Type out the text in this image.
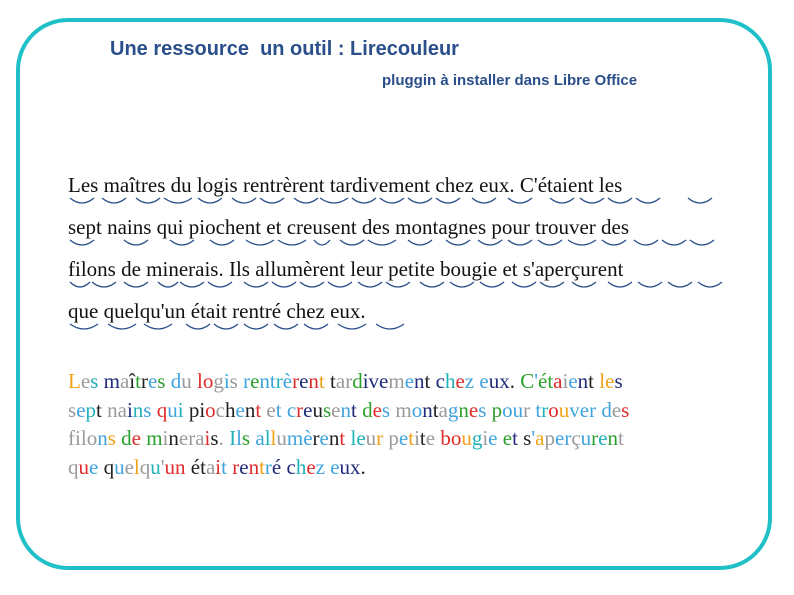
Une ressource  un outil : Lirecouleur
pluggin à installer dans Libre Office
Les maîtres du logis rentrèrent tardivement chez eux. C'étaient les
sept nains qui piochent et creusent des montagnes pour trouver des
filons de minerais. Ils allumèrent leur petite bougie et s'aperçurent
que quelqu'un était rentré chez eux.

Les maîtres du logis rentrèrent tardivement chez eux. C'étaient les

sept nains qui piochent et creusent des montagnes pour trouver des

filons de minerais. Ils allumèrent leur petite bougie et s'aperçurent

que quelqu'un était rentré chez eux.
